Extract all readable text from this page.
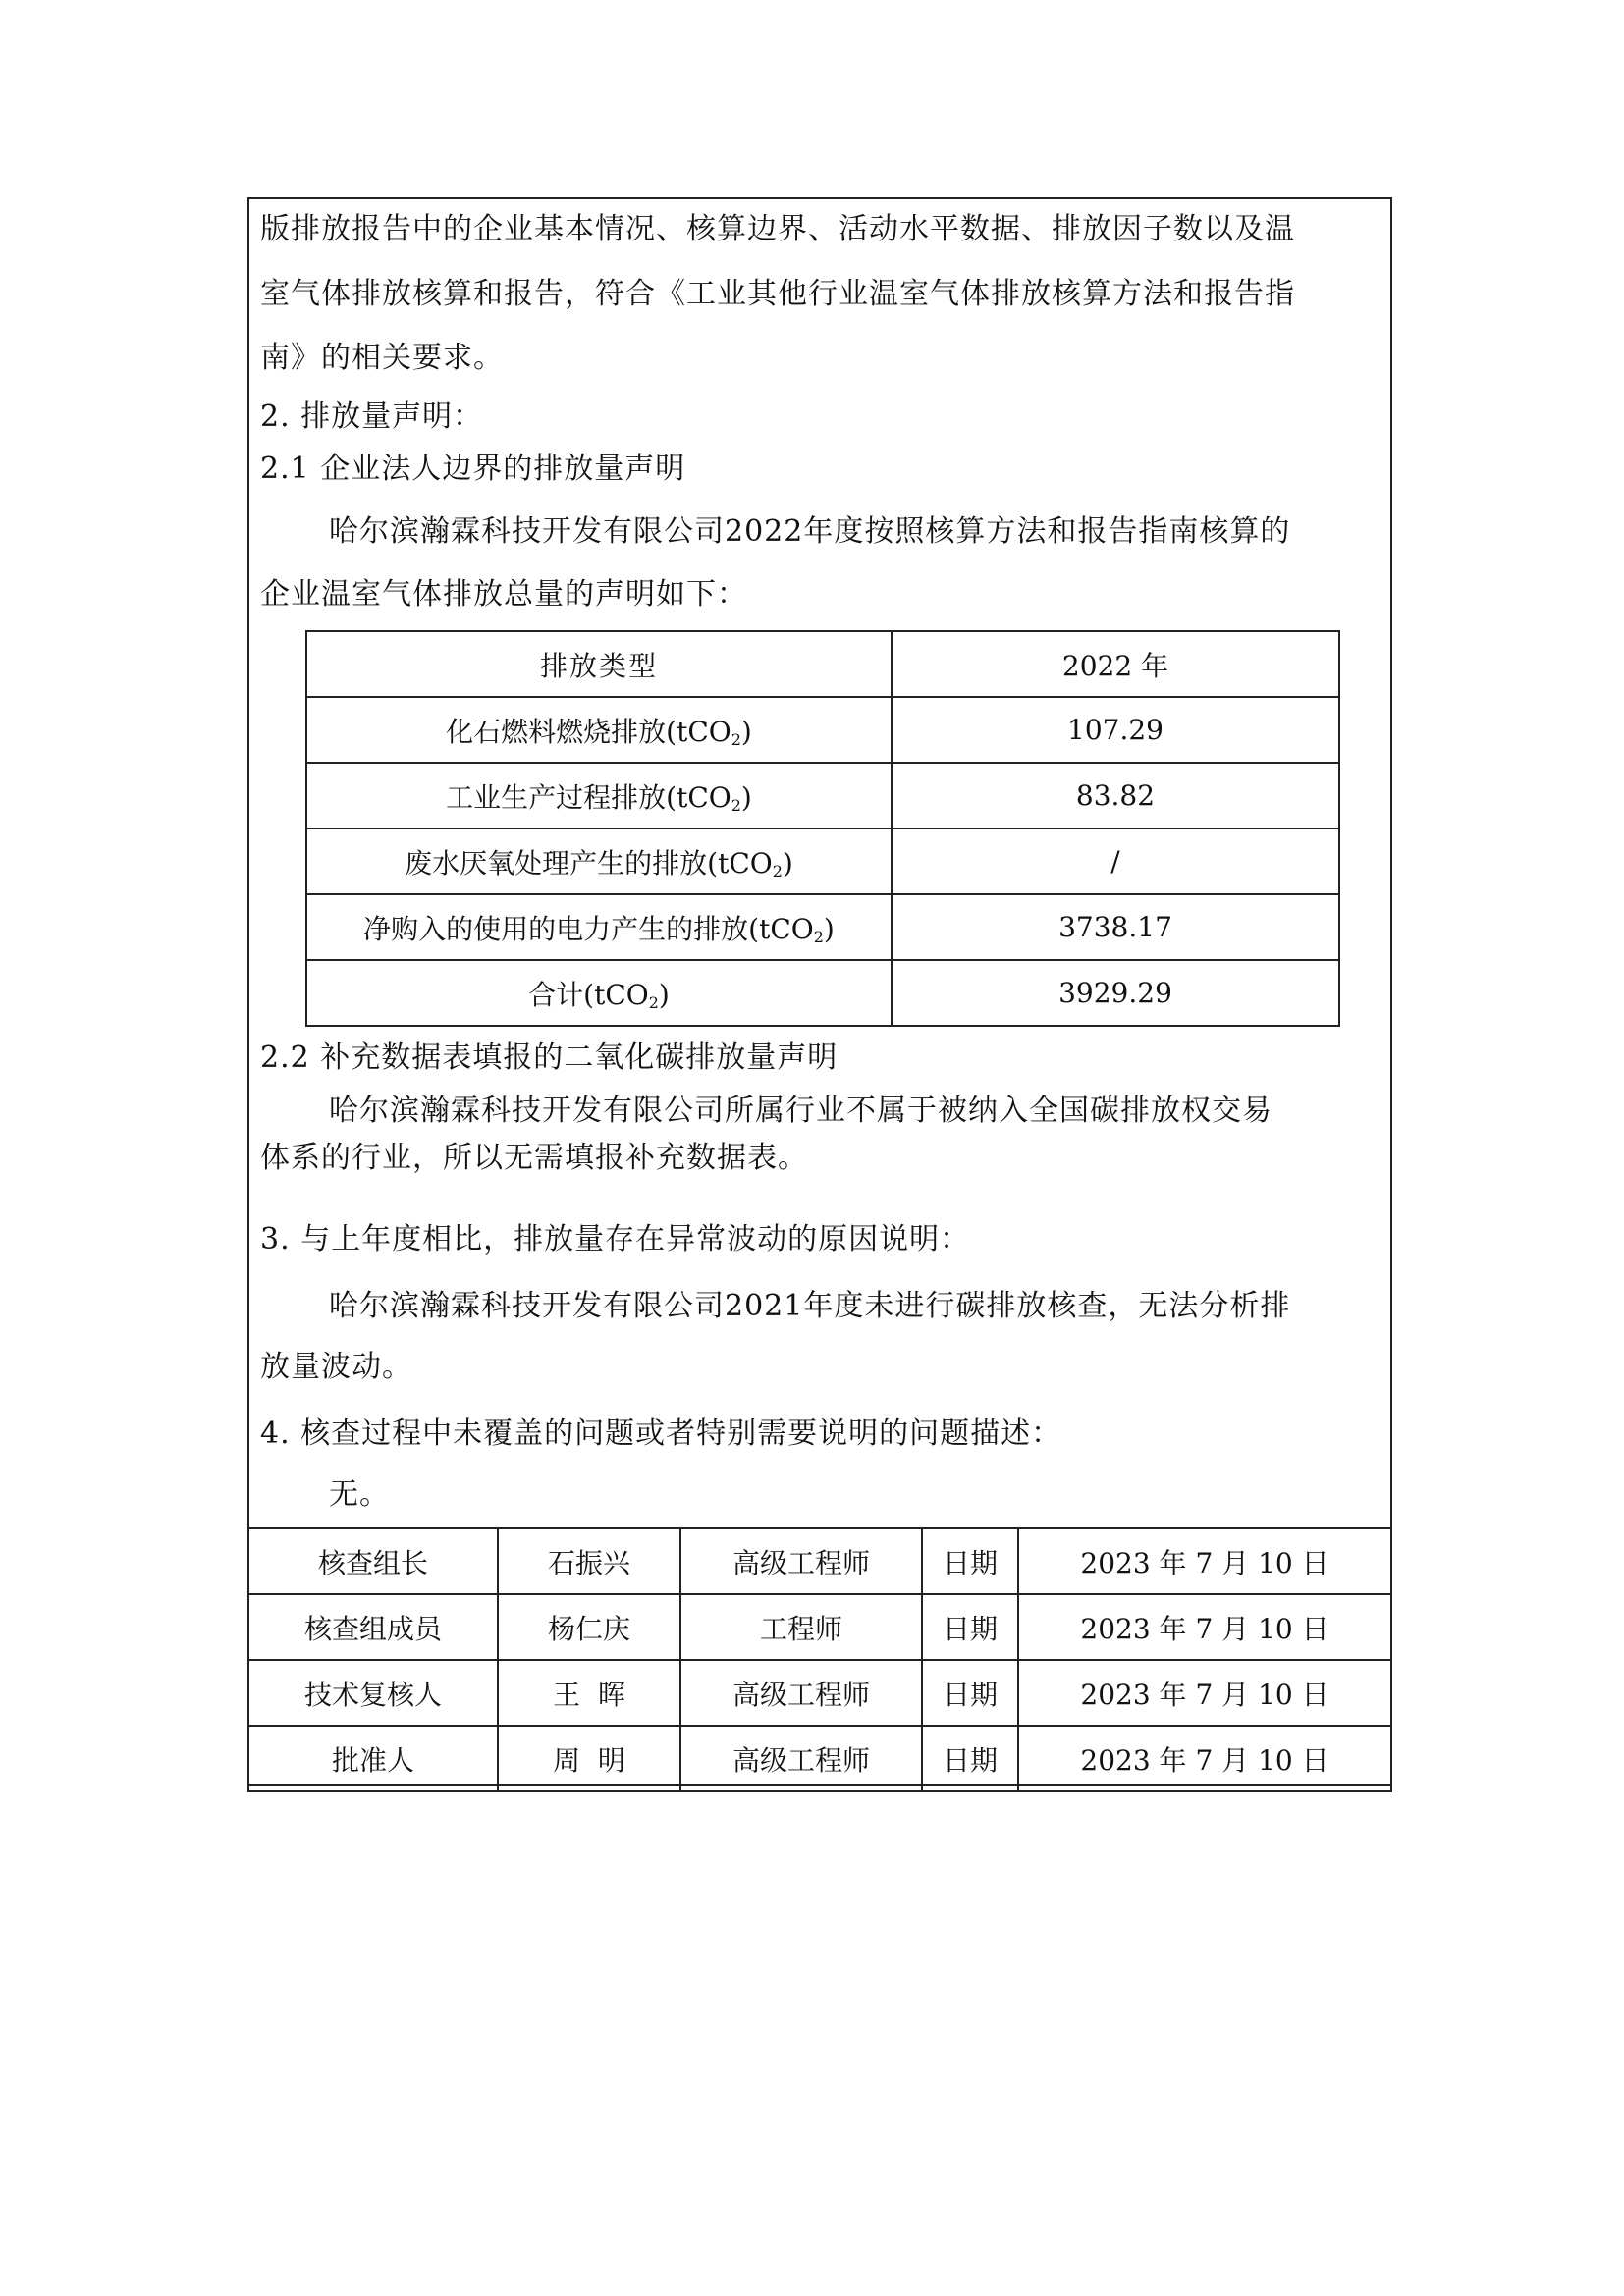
版排放报告中的企业基本情况、核算边界、活动水平数据、排放因子数以及温
室气体排放核算和报告，符合《工业其他行业温室气体排放核算方法和报告指
南》的相关要求。
2. 排放量声明：
2.1 企业法人边界的排放量声明
哈尔滨瀚霖科技开发有限公司2022年度按照核算方法和报告指南核算的
企业温室气体排放总量的声明如下：
排放类型	2022 年
化石燃料燃烧排放(tCO$_2$)	107.29
工业生产过程排放(tCO$_2$)	83.82
废水厌氧处理产生的排放(tCO$_2$)	/
净购入的使用的电力产生的排放(tCO$_2$)	3738.17
合计(tCO$_2$)	3929.29
2.2 补充数据表填报的二氧化碳排放量声明
哈尔滨瀚霖科技开发有限公司所属行业不属于被纳入全国碳排放权交易
体系的行业，所以无需填报补充数据表。
3. 与上年度相比，排放量存在异常波动的原因说明：
哈尔滨瀚霖科技开发有限公司2021年度未进行碳排放核查，无法分析排
放量波动。
4. 核查过程中未覆盖的问题或者特别需要说明的问题描述：
无。
核查组长	石振兴	高级工程师	日期	2023 年 7 月 10 日
核查组成员	杨仁庆	工程师	日期	2023 年 7 月 10 日
技术复核人	王  晖	高级工程师	日期	2023 年 7 月 10 日
批准人	周  明	高级工程师	日期	2023 年 7 月 10 日
